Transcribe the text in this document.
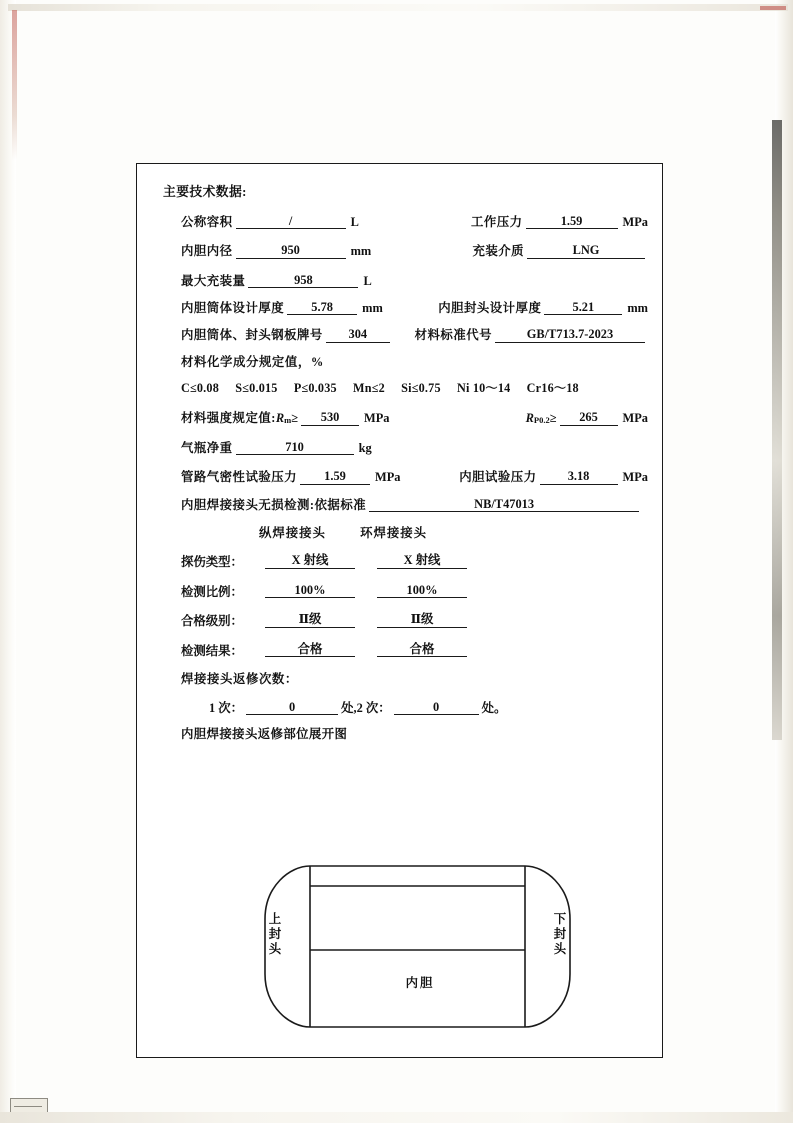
主要技术数据:
公称容积	/	L	工作压力	1.59	MPa
内胆内径	950	mm	充装介质	LNG
最大充装量	958	L
内胆筒体设计厚度	5.78	mm	内胆封头设计厚度	5.21	mm
内胆筒体、封头钢板牌号	304	材料标准代号	GB/T713.7-2023
材料化学成分规定值，%
C≤0.08 S≤0.015 P≤0.035 Mn≤2 Si≤0.75 Ni 10～14 Cr16～18
材料强度规定值: R m ≥	530	MPa	R P0.2 ≥	265	MPa
气瓶净重	710	kg
管路气密性试验压力	1.59	MPa	内胆试验压力	3.18	MPa
内胆焊接接头无损检测:依据标准	NB/T47013
纵焊接接头	环焊接接头
探伤类型：	X 射线	X 射线
检测比例：	100%	100%
合格级别：	Ⅱ级	Ⅱ级
检测结果：	合格	合格
焊接接头返修次数：
1 次：	0	处,2 次：	0	处。
内胆焊接接头返修部位展开图
上封头
下封头
内胆
